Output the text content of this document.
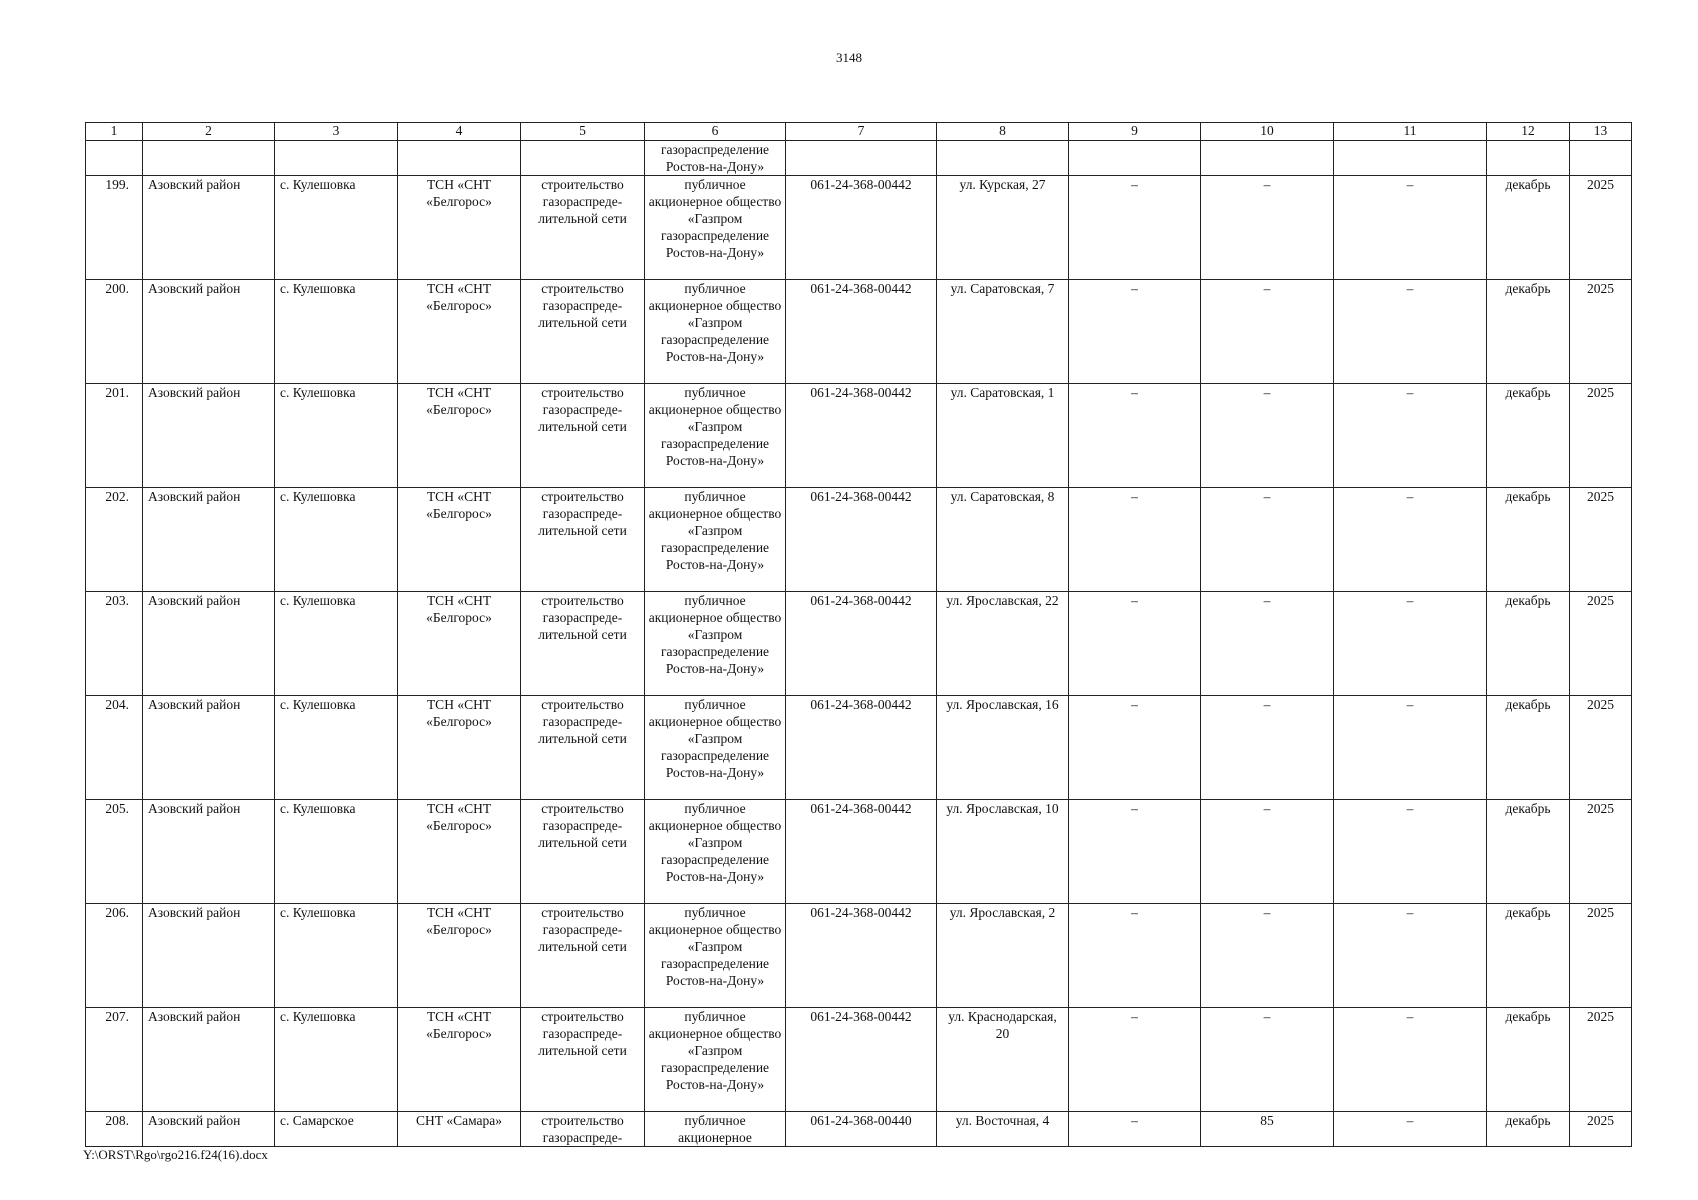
3148
1	2	3	4	5	6	7	8	9	10	11	12	13
					газораспределение Ростов-на-Дону»							
199.	Азовский район	с. Кулешовка	ТСН «СНТ «Белгорос»	строительство газораспреде-лительной сети	публичное акционерное общество «Газпром газораспределение Ростов-на-Дону»	061-24-368-00442	ул. Курская, 27	–	–	–	декабрь	2025
200.	Азовский район	с. Кулешовка	ТСН «СНТ «Белгорос»	строительство газораспреде-лительной сети	публичное акционерное общество «Газпром газораспределение Ростов-на-Дону»	061-24-368-00442	ул. Саратовская, 7	–	–	–	декабрь	2025
201.	Азовский район	с. Кулешовка	ТСН «СНТ «Белгорос»	строительство газораспреде-лительной сети	публичное акционерное общество «Газпром газораспределение Ростов-на-Дону»	061-24-368-00442	ул. Саратовская, 1	–	–	–	декабрь	2025
202.	Азовский район	с. Кулешовка	ТСН «СНТ «Белгорос»	строительство газораспреде-лительной сети	публичное акционерное общество «Газпром газораспределение Ростов-на-Дону»	061-24-368-00442	ул. Саратовская, 8	–	–	–	декабрь	2025
203.	Азовский район	с. Кулешовка	ТСН «СНТ «Белгорос»	строительство газораспреде-лительной сети	публичное акционерное общество «Газпром газораспределение Ростов-на-Дону»	061-24-368-00442	ул. Ярославская, 22	–	–	–	декабрь	2025
204.	Азовский район	с. Кулешовка	ТСН «СНТ «Белгорос»	строительство газораспреде-лительной сети	публичное акционерное общество «Газпром газораспределение Ростов-на-Дону»	061-24-368-00442	ул. Ярославская, 16	–	–	–	декабрь	2025
205.	Азовский район	с. Кулешовка	ТСН «СНТ «Белгорос»	строительство газораспреде-лительной сети	публичное акционерное общество «Газпром газораспределение Ростов-на-Дону»	061-24-368-00442	ул. Ярославская, 10	–	–	–	декабрь	2025
206.	Азовский район	с. Кулешовка	ТСН «СНТ «Белгорос»	строительство газораспреде-лительной сети	публичное акционерное общество «Газпром газораспределение Ростов-на-Дону»	061-24-368-00442	ул. Ярославская, 2	–	–	–	декабрь	2025
207.	Азовский район	с. Кулешовка	ТСН «СНТ «Белгорос»	строительство газораспреде-лительной сети	публичное акционерное общество «Газпром газораспределение Ростов-на-Дону»	061-24-368-00442	ул. Краснодарская, 20	–	–	–	декабрь	2025
208.	Азовский район	с. Самарское	СНТ «Самара»	строительство газораспреде-	публичное акционерное	061-24-368-00440	ул. Восточная, 4	–	85	–	декабрь	2025
Y:\ORST\Rgo\rgo216.f24(16).docx
